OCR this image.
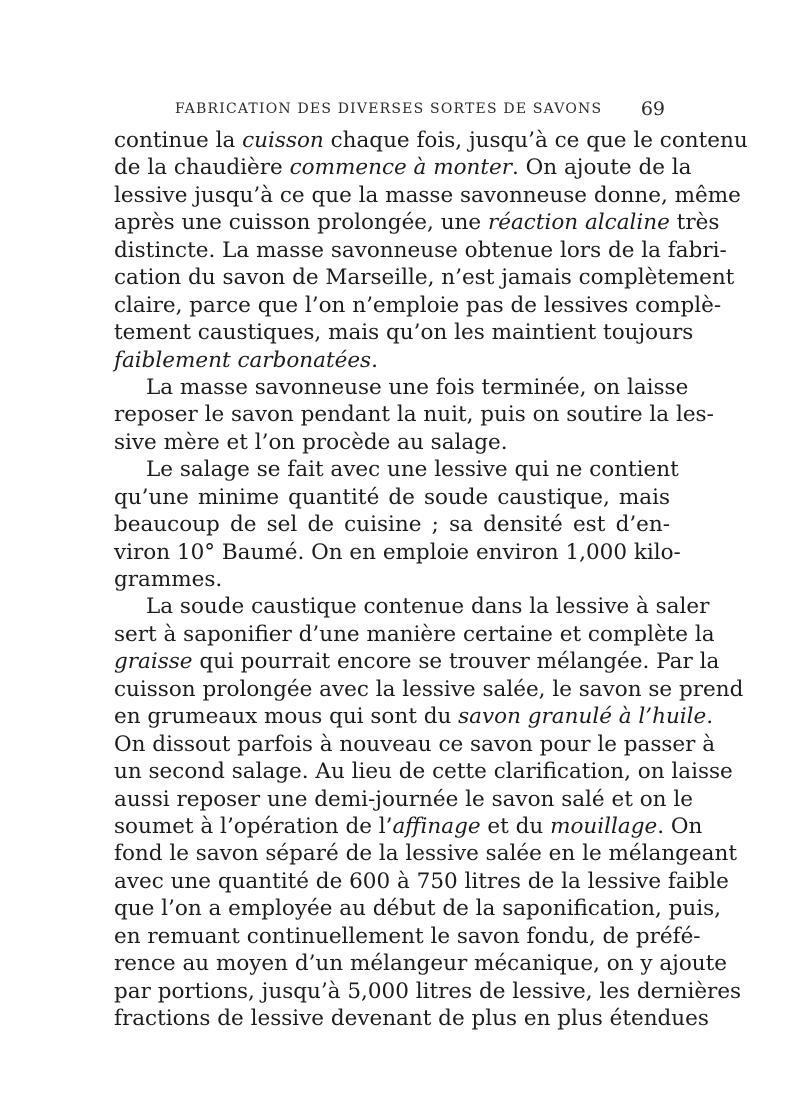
FABRICATION DES DIVERSES SORTES DE SAVONS 69
continue la cuisson chaque fois, jusqu’à ce que le contenu
de la chaudière commence à monter. On ajoute de la
lessive jusqu’à ce que la masse savonneuse donne, même
après une cuisson prolongée, une réaction alcaline très
distincte. La masse savonneuse obtenue lors de la fabri-
cation du savon de Marseille, n’est jamais complètement
claire, parce que l’on n’emploie pas de lessives complè-
tement caustiques, mais qu’on les maintient toujours
faiblement carbonatées.
La masse savonneuse une fois terminée, on laisse
reposer le savon pendant la nuit, puis on soutire la les-
sive mère et l’on procède au salage.
Le salage se fait avec une lessive qui ne contient
qu’une minime quantité de soude caustique, mais
beaucoup de sel de cuisine ; sa densité est d’en-
viron 10° Baumé. On en emploie environ 1,000 kilo-
grammes.
La soude caustique contenue dans la lessive à saler
sert à saponifier d’une manière certaine et complète la
graisse qui pourrait encore se trouver mélangée. Par la
cuisson prolongée avec la lessive salée, le savon se prend
en grumeaux mous qui sont du savon granulé à l’huile.
On dissout parfois à nouveau ce savon pour le passer à
un second salage. Au lieu de cette clarification, on laisse
aussi reposer une demi-journée le savon salé et on le
soumet à l’opération de l’affinage et du mouillage. On
fond le savon séparé de la lessive salée en le mélangeant
avec une quantité de 600 à 750 litres de la lessive faible
que l’on a employée au début de la saponification, puis,
en remuant continuellement le savon fondu, de préfé-
rence au moyen d’un mélangeur mécanique, on y ajoute
par portions, jusqu’à 5,000 litres de lessive, les dernières
fractions de lessive devenant de plus en plus étendues
